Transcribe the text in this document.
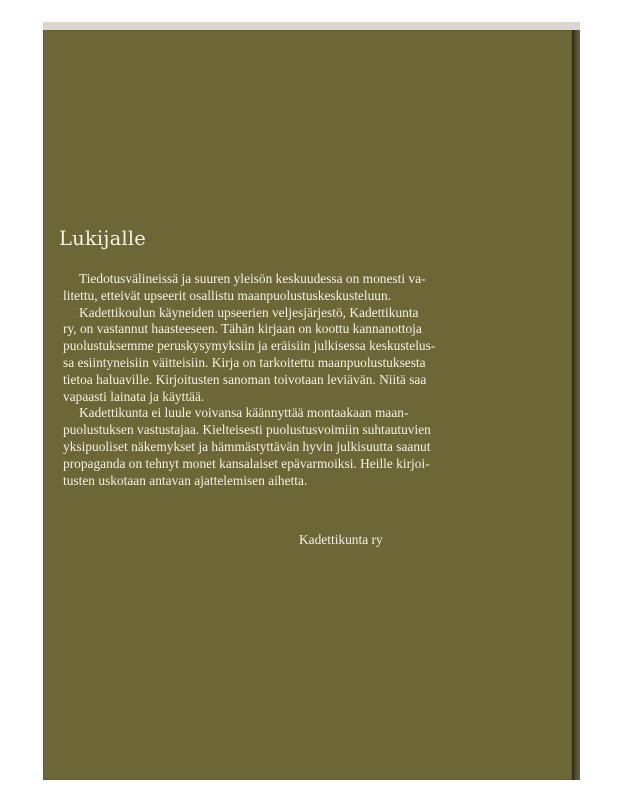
Lukijalle

Tiedotusvälineissä ja suuren yleisön keskuudessa on monesti va-
litettu, etteivät upseerit osallistu maanpuolustuskeskusteluun.

Kadettikoulun käyneiden upseerien veljesjärjestö, Kadettikunta
ry, on vastannut haasteeseen. Tähän kirjaan on koottu kannanottoja
puolustuksemme peruskysymyksiin ja eräisiin julkisessa keskustelus-
sa esiintyneisiin väitteisiin. Kirja on tarkoitettu maanpuolustuksesta
tietoa haluaville. Kirjoitusten sanoman toivotaan leviävän. Niitä saa
vapaasti lainata ja käyttää.

Kadettikunta ei luule voivansa käännyttää montaakaan maan-
puolustuksen vastustajaa. Kielteisesti puolustusvoimiin suhtautuvien
yksipuoliset näkemykset ja hämmästyttävän hyvin julkisuutta saanut
propaganda on tehnyt monet kansalaiset epävarmoiksi. Heille kirjoi-
tusten uskotaan antavan ajattelemisen aihetta.

Kadettikunta ry
